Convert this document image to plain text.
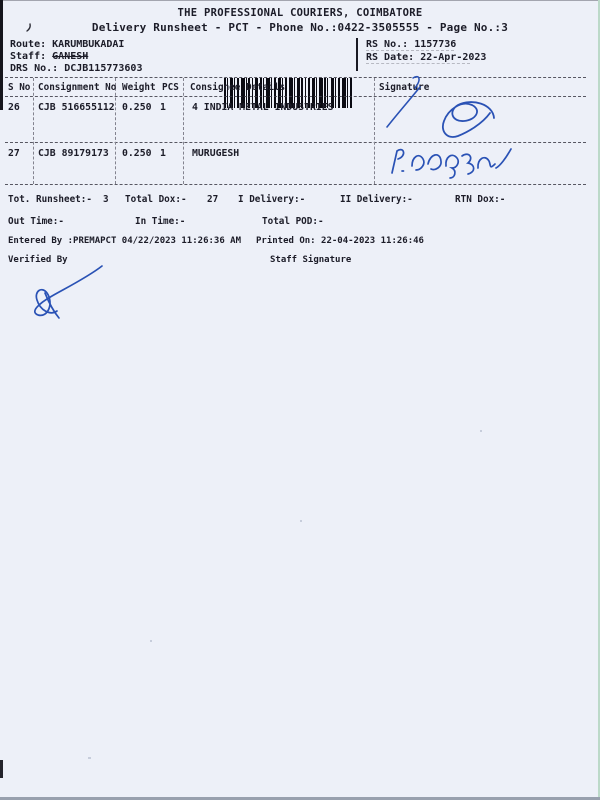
THE PROFESSIONAL COURIERS, COIMBATORE
Delivery Runsheet - PCT - Phone No.:0422-3505555 - Page No.:3
Route: KARUMBUKADAI
Staff: GANESH
DRS No.: DCJB115773603

RS No.: 1157736
RS Date: 22-Apr-2023
S No Consignment No Weight PCS Consignee Details	Signature
26 CJB 516655112 0.250 1	4 INDIA METAL INDUSTRIES
27 CJB 89179173 0.250 1	MURUGESH
Tot. Runsheet:- 3 Total Dox:- 27 I Delivery:-	II Delivery:-	RTN Dox:-
Out Time:-	In Time:-	Total POD:-
Entered By :PREMAPCT 04/22/2023 11:26:36 AM Printed On: 22-04-2023 11:26:46
Verified By	Staff Signature
